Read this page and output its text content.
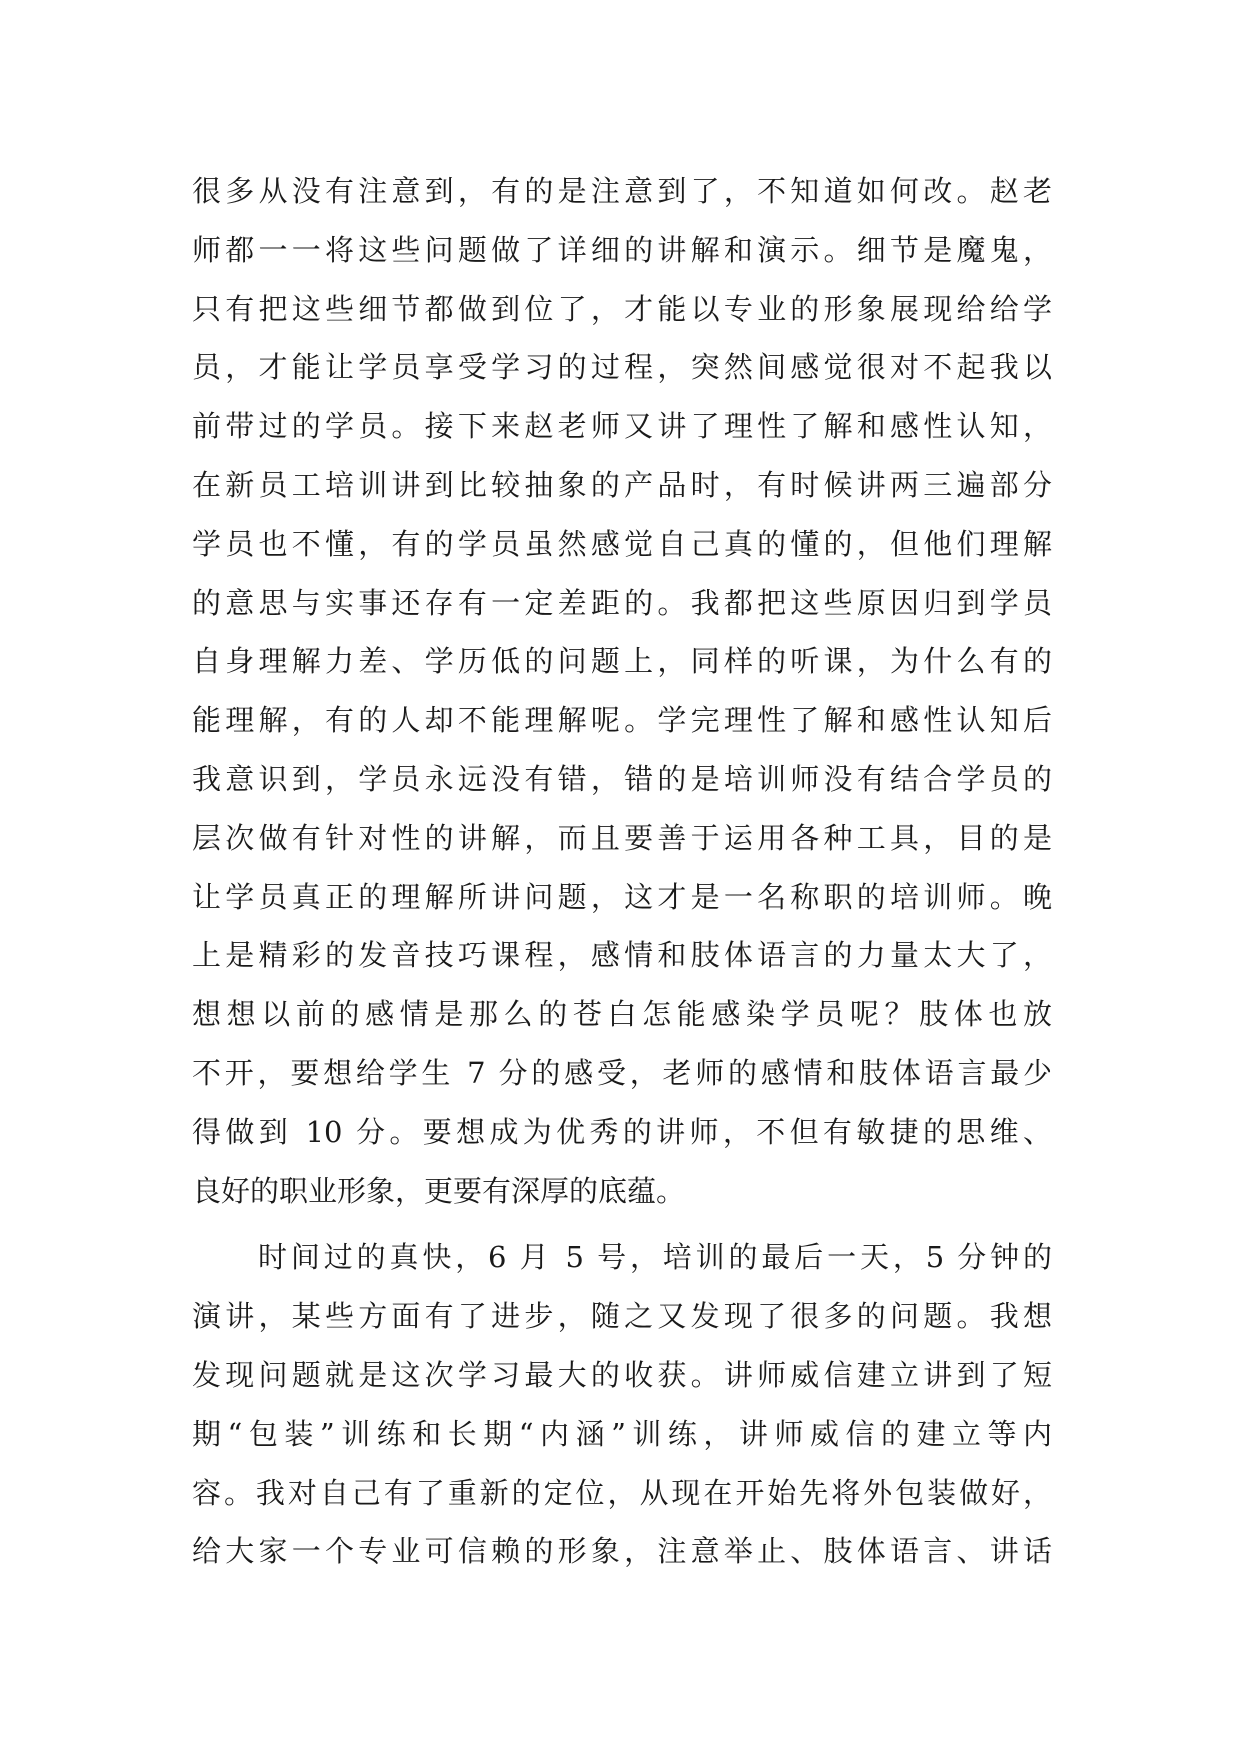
很多从没有注意到，有的是注意到了，不知道如何改。赵老
师都一一将这些问题做了详细的讲解和演示。细节是魔鬼，
只有把这些细节都做到位了，才能以专业的形象展现给给学
员，才能让学员享受学习的过程，突然间感觉很对不起我以
前带过的学员。接下来赵老师又讲了理性了解和感性认知，
在新员工培训讲到比较抽象的产品时，有时候讲两三遍部分
学员也不懂，有的学员虽然感觉自己真的懂的，但他们理解
的意思与实事还存有一定差距的。我都把这些原因归到学员
自身理解力差、学历低的问题上，同样的听课，为什么有的
能理解，有的人却不能理解呢。学完理性了解和感性认知后
我意识到，学员永远没有错，错的是培训师没有结合学员的
层次做有针对性的讲解，而且要善于运用各种工具，目的是
让学员真正的理解所讲问题，这才是一名称职的培训师。晚
上是精彩的发音技巧课程，感情和肢体语言的力量太大了，
想想以前的感情是那么的苍白怎能感染学员呢？肢体也放
不开，要想给学生 7 分的感受，老师的感情和肢体语言最少
得做到 10 分。要想成为优秀的讲师，不但有敏捷的思维、
良好的职业形象，更要有深厚的底蕴。
时间过的真快，6 月 5 号，培训的最后一天，5 分钟的
演讲，某些方面有了进步，随之又发现了很多的问题。我想
发现问题就是这次学习最大的收获。讲师威信建立讲到了短
期“包装”训练和长期“内涵”训练，讲师威信的建立等内
容。我对自己有了重新的定位，从现在开始先将外包装做好，
给大家一个专业可信赖的形象，注意举止、肢体语言、讲话
